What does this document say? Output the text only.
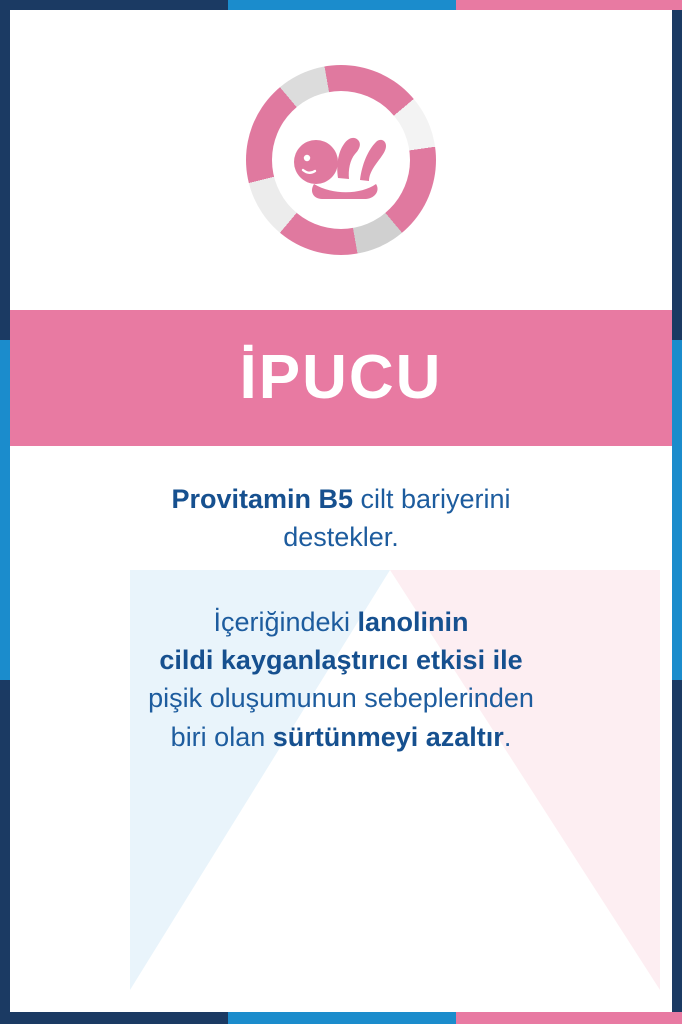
İPUCU

Provitamin B5 cilt bariyerini
destekler.

İçeriğindeki lanolinin
cildi kayganlaştırıcı etkisi ile
pişik oluşumunun sebeplerinden
biri olan sürtünmeyi azaltır.
